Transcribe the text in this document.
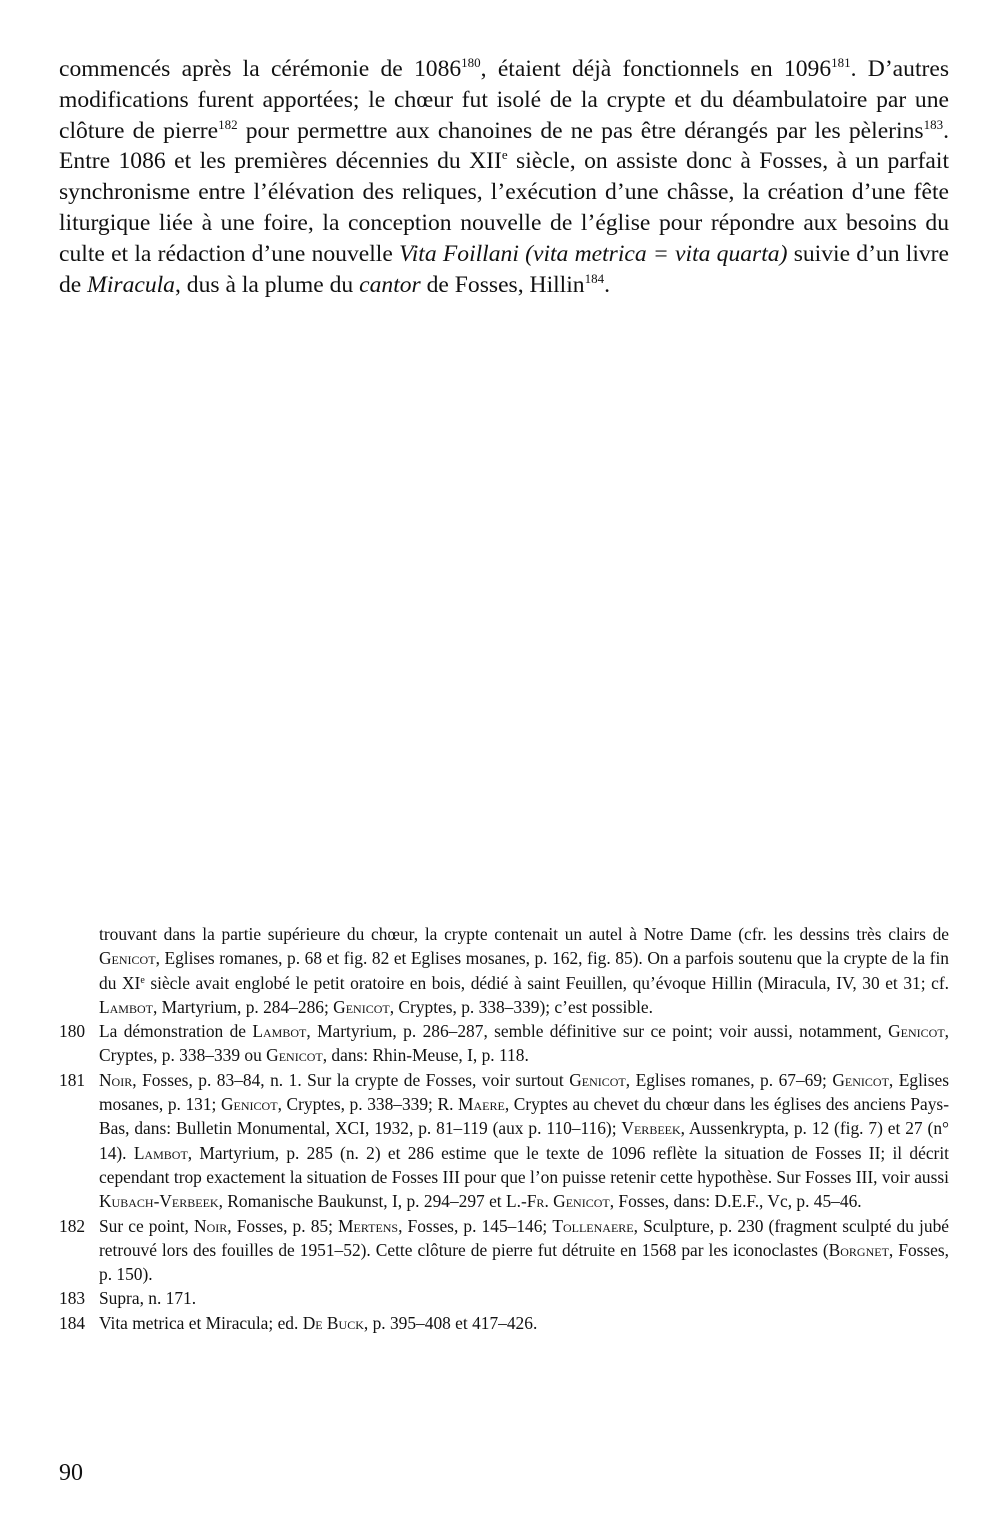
commencés après la cérémonie de 1086$^{180}$, étaient déjà fonctionnels en 1096$^{181}$. D’autres modifications furent apportées; le chœur fut isolé de la crypte et du déambulatoire par une clôture de pierre$^{182}$ pour permettre aux chanoines de ne pas être dérangés par les pèlerins$^{183}$. Entre 1086 et les premières décennies du XIIe siècle, on assiste donc à Fosses, à un parfait synchronisme entre l’élévation des reliques, l’exécution d’une châsse, la création d’une fête liturgique liée à une foire, la conception nouvelle de l’église pour répondre aux besoins du culte et la rédaction d’une nouvelle Vita Foillani (vita metrica = vita quarta) suivie d’un livre de Miracula, dus à la plume du cantor de Fosses, Hillin$^{184}$.

trouvant dans la partie supérieure du chœur, la crypte contenait un autel à Notre Dame (cfr. les dessins très clairs de Genicot, Eglises romanes, p. 68 et fig. 82 et Eglises mosanes, p. 162, fig. 85). On a parfois soutenu que la crypte de la fin du XIe siècle avait englobé le petit oratoire en bois, dédié à saint Feuillen, qu’évoque Hillin (Miracula, IV, 30 et 31; cf. Lambot, Martyrium, p. 284–286; Genicot, Cryptes, p. 338–339); c’est possible.

180 La démonstration de Lambot, Martyrium, p. 286–287, semble définitive sur ce point; voir aussi, notamment, Genicot, Cryptes, p. 338–339 ou Genicot, dans: Rhin-Meuse, I, p. 118.
181 Noir, Fosses, p. 83–84, n. 1. Sur la crypte de Fosses, voir surtout Genicot, Eglises romanes, p. 67–69; Genicot, Eglises mosanes, p. 131; Genicot, Cryptes, p. 338–339; R. Maere, Cryptes au chevet du chœur dans les églises des anciens Pays-Bas, dans: Bulletin Monumental, XCI, 1932, p. 81–119 (aux p. 110–116); Verbeek, Aussenkrypta, p. 12 (fig. 7) et 27 (n° 14). Lambot, Martyrium, p. 285 (n. 2) et 286 estime que le texte de 1096 reflète la situation de Fosses II; il décrit cependant trop exactement la situation de Fosses III pour que l’on puisse retenir cette hypothèse. Sur Fosses III, voir aussi Kubach-Verbeek, Romanische Baukunst, I, p. 294–297 et L.-Fr. Genicot, Fosses, dans: D.E.F., Vc, p. 45–46.
182 Sur ce point, Noir, Fosses, p. 85; Mertens, Fosses, p. 145–146; Tollenaere, Sculpture, p. 230 (fragment sculpté du jubé retrouvé lors des fouilles de 1951–52). Cette clôture de pierre fut détruite en 1568 par les iconoclastes (Borgnet, Fosses, p. 150).
183 Supra, n. 171.
184 Vita metrica et Miracula; ed. De Buck, p. 395–408 et 417–426.
90
